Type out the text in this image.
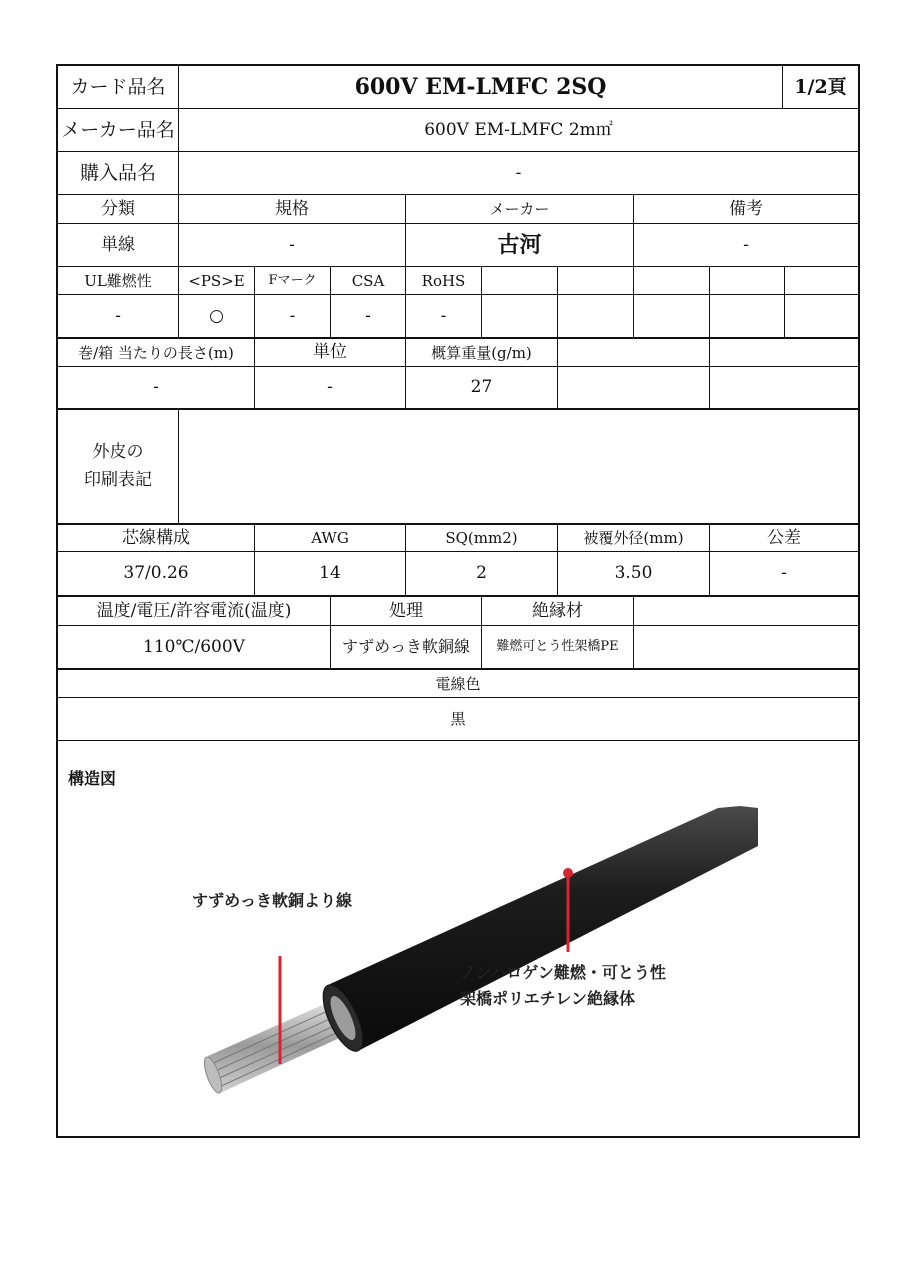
カード品名	600V EM-LMFC 2SQ	1/2頁
メーカー品名	600V EM-LMFC 2m㎡
購入品名	-
分類	規格	メーカー	備考
単線	-	古河	-
UL難燃性	<PS>E	Fマーク	CSA	RoHS
-	○	-	-	-
巻/箱 当たりの長さ(m)	単位	概算重量(g/m)
-	-	27
外皮の
印刷表記
芯線構成	AWG	SQ(mm2)	被覆外径(mm)	公差
37/0.26	14	2	3.50	-
温度/電圧/許容電流(温度)	処理	絶縁材
110℃/600V	すずめっき軟銅線	難燃可とう性架橋PE
電線色
黒
構造図
すずめっき軟銅より線
ノンハロゲン難燃・可とう性
架橋ポリエチレン絶縁体
